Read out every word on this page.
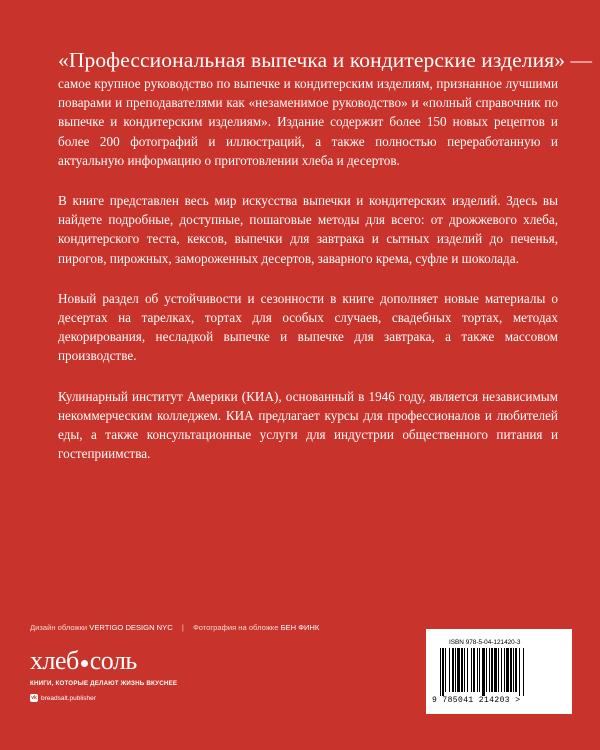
«Профессиональная выпечка и кондитерские изделия» — самое крупное руководство по выпечке и кондитерским изделиям, признанное лучшими поварами и преподавателями как «незаменимое руководство» и «полный справочник по выпечке и кондитерским изделиям». Издание содержит более 150 новых рецептов и более 200 фотографий и иллюстраций, а также полностью переработанную и актуальную информацию о приготовлении хлеба и десертов.

В книге представлен весь мир искусства выпечки и кондитерских изделий. Здесь вы найдете подробные, доступные, пошаговые методы для всего: от дрожжевого хлеба, кондитерского теста, кексов, выпечки для завтрака и сытных изделий до печенья, пирогов, пирожных, замороженных десертов, заварного крема, суфле и шоколада.

Новый раздел об устойчивости и сезонности в книге дополняет новые материалы о десертах на тарелках, тортах для особых случаев, свадебных тортах, методах декорирования, несладкой выпечке и выпечке для завтрака, а также массовом производстве.

Кулинарный институт Америки (КИА), основанный в 1946 году, является независимым некоммерческим колледжем. КИА предлагает курсы для профессионалов и любителей еды, а также консультационные услуги для индустрии общественного питания и гостеприимства.

Дизайн обложки VERTIGO DESIGN NYC | Фотография на обложке БЕН ФИНК
хлеб соль
КНИГИ, КОТОРЫЕ ДЕЛАЮТ ЖИЗНЬ ВКУСНЕЕ
vk breadsalt.publisher
ISBN 978-5-04-121420-3
9 785041 214203 >
